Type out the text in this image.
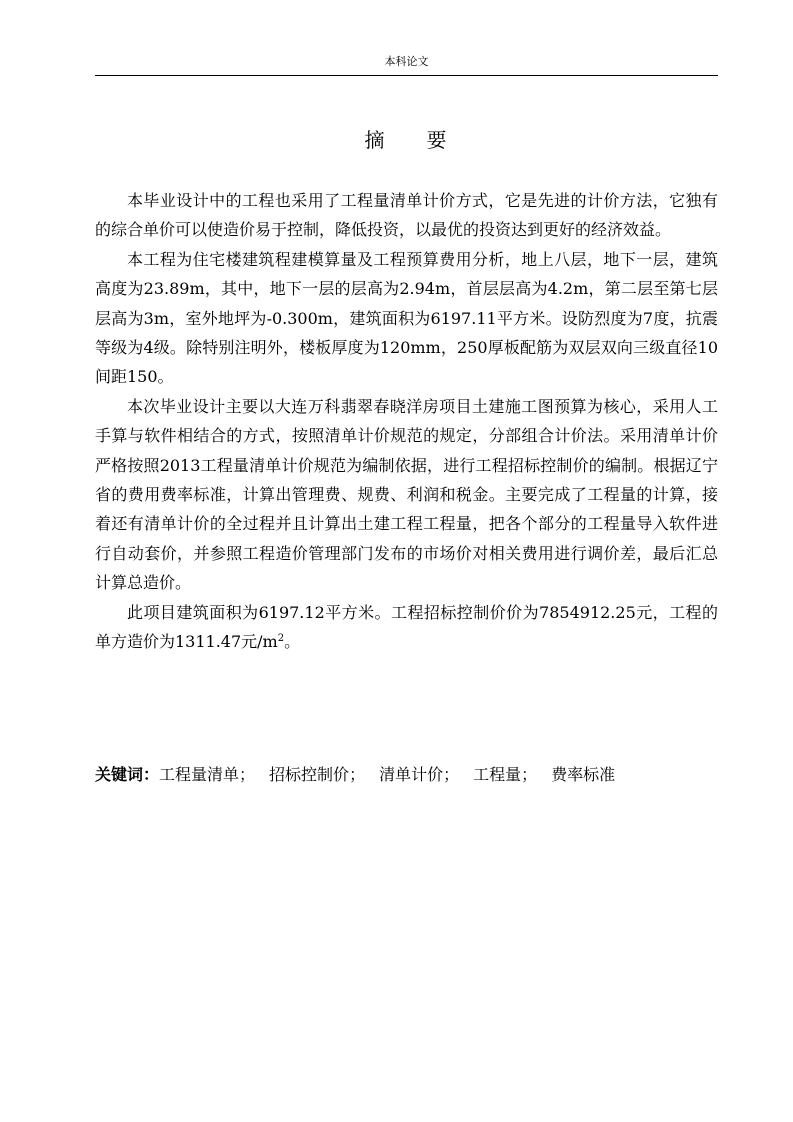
本科论文
摘 要

本毕业设计中的工程也采用了工程量清单计价方式，它是先进的计价方法，它独有的综合单价可以使造价易于控制，降低投资，以最优的投资达到更好的经济效益。

本工程为住宅楼建筑程建模算量及工程预算费用分析，地上八层，地下一层，建筑高度为23.89m，其中，地下一层的层高为2.94m，首层层高为4.2m，第二层至第七层层高为3m，室外地坪为-0.300m，建筑面积为6197.11平方米。设防烈度为7度，抗震等级为4级。除特别注明外，楼板厚度为120mm，250厚板配筋为双层双向三级直径10间距150。

本次毕业设计主要以大连万科翡翠春晓洋房项目土建施工图预算为核心，采用人工手算与软件相结合的方式，按照清单计价规范的规定，分部组合计价法。采用清单计价严格按照2013工程量清单计价规范为编制依据，进行工程招标控制价的编制。根据辽宁省的费用费率标准，计算出管理费、规费、利润和税金。主要完成了工程量的计算，接着还有清单计价的全过程并且计算出土建工程工程量，把各个部分的工程量导入软件进行自动套价，并参照工程造价管理部门发布的市场价对相关费用进行调价差，最后汇总计算总造价。

此项目建筑面积为6197.12平方米。工程招标控制价价为7854912.25元，工程的单方造价为1311.47元$/m^2$。

关键词：工程量清单； 招标控制价； 清单计价； 工程量； 费率标准
